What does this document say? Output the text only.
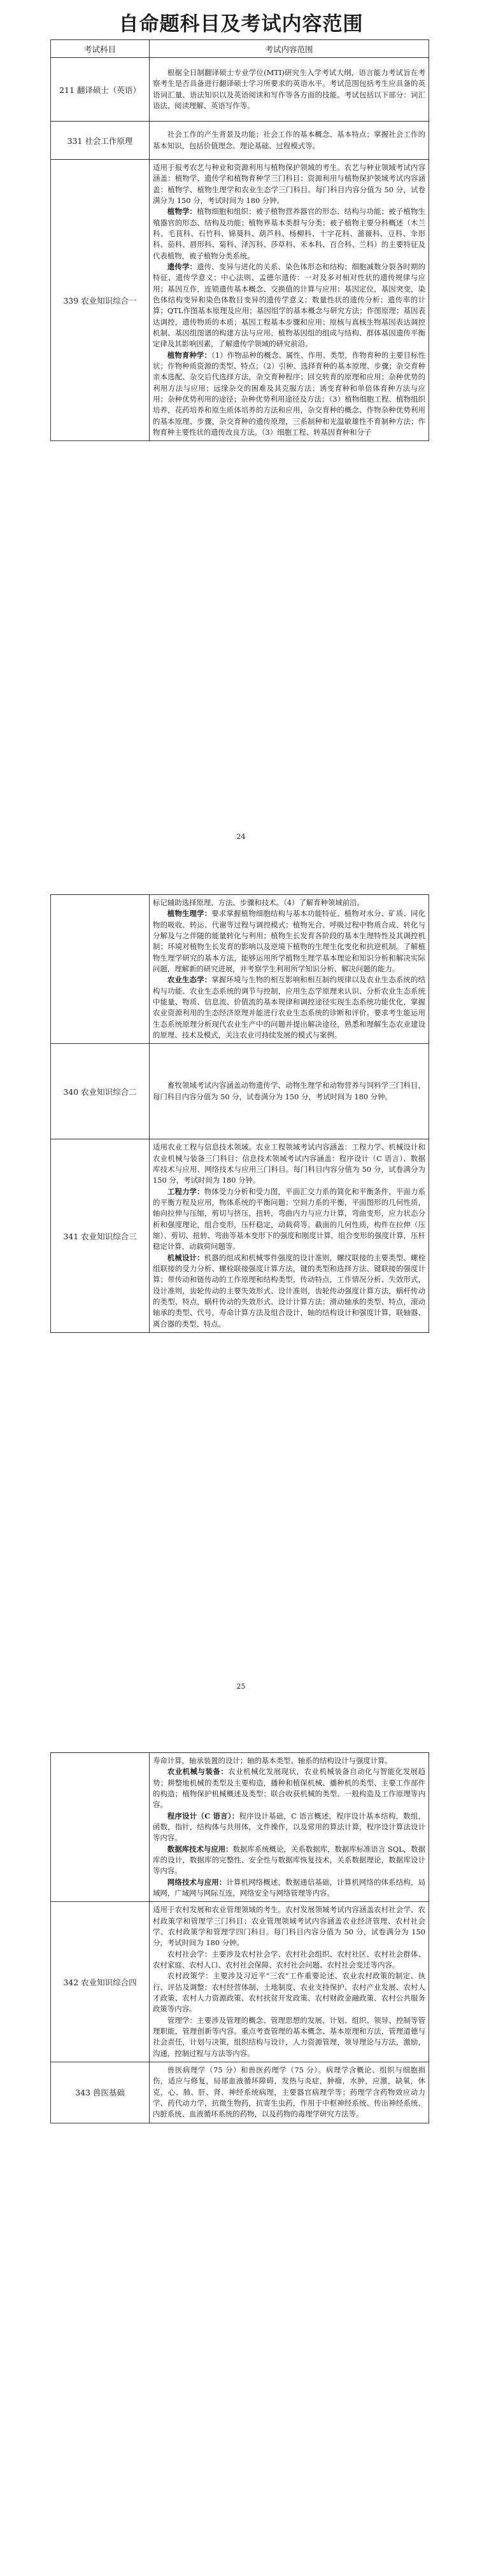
自命题科目及考试内容范围
考试科目	考试内容范围
211 翻译硕士（英语）	根据全日制翻译硕士专业学位(MTI)研究生入学考试大纲，语言能力考试旨在考察考生是否具备进行翻译硕士学习所要求的英语水平。考试范围包括考生应具备的英语词汇量、语法知识以及英语阅读和写作等各方面的技能。考试包括以下部分：词汇语法、阅读理解、英语写作等。

331 社会工作原理	社会工作的产生背景及功能；社会工作的基本概念、基本特点；掌握社会工作的基本知识，包括价值理念、理论基础、过程模式等。

339 农业知识综合一	适用于报考农艺与种业和资源利用与植物保护领域的考生。农艺与种业领域考试内容涵盖：植物学、遗传学和植物育种学三门科目；资源利用与植物保护领域考试内容涵盖：植物学、植物生理学和农业生态学三门科目。每门科目内容分值为 50 分，试卷满分为 150 分，考试时间为 180 分钟。

植物学：植物细胞和组织；被子植物营养器官的形态、结构与功能；被子植物生殖器官的形态、结构及功能；植物界基本类群与分类；被子植物主要分科概述（木兰科、毛茛科、石竹科、锦葵科、葫芦科、杨柳科、十字花科、蔷薇科、豆科、伞形科、茄科、唇形科、菊科、泽泻科、莎草科、禾本科、百合科、兰科）的主要特征及代表植物，被子植物分类系统。

遗传学：遗传、变异与进化的关系、染色体形态和结构；细胞减数分裂各时期的特征、遗传学意义；中心法则、孟德尔遗传：一对及多对相对性状的遗传规律与应用；基因互作，连锁遗传基本概念、交换值的计算与应用；基因定位，基因突变，染色体结构变异和染色体数目变异的遗传学意义；数量性状的遗传分析；遗传率的计算；QTL作图基本原理及应用；基因组学的基本概念与研究方法；作图原理；基因表达调控，遗传物质的本质；基因工程基本步骤和应用；原核与真核生物基因表达调控机制、基因组图谱的构建方法与应用、植物基因组的组成与结构、群体基因遗传平衡定律及其影响因素，了解遗传学领域的研究前沿。

植物育种学：（1）作物品种的概念、属性、作用、类型，作物育种的主要目标性状；作物种质资源的类型、特点；（2）引种、选择育种的基本原理、步骤；杂交育种亲本选配、杂交后代选择方法，杂交育种程序；回交转育的原理和应用；杂种优势的利用方法与应用；远缘杂交的困难及其克服方法；诱变育种和单倍体育种方法与应用；杂种优势利用的途径；杂种优势利用途径及方法；（3）植物细胞工程、植物组织培养，花药培养和原生质体培养的方法和应用，杂交育种的概念、作物杂种优势利用的基本原理、步骤，杂交育种的遗传原理，三系制种和光温敏雄性不育制种方法；作物育种主要性状的遗传改良方法。（3）细胞工程、转基因育种和分子

24

	标记辅助选择原理、方法、步骤和技术。（4）了解育种领域前沿。

植物生理学：要求掌握植物细胞结构与基本功能特征、植物对水分、矿质、同化物的吸收、转运、代谢等过程与调控模式；植物光合、呼吸过程中物质合成、转化与分解及与之伴随的能量转化与利用；植物生长发育各阶段的基本生理特性及其调控机制；环境对植物生长发育的影响以及逆境下植物的生理生化变化和抗逆机制。了解植物生理学研究的基本方法，能够运用所学植物生理学基本理论和知识分析和解决实际问题，理解新的研究进展，并考察学生利用所学知识分析、解决问题的能力。

农业生态学：掌握环境与生物的相互影响和相互制约规律以及农业生态系统的结构与功能、农业生态系统的调节与控制，应用生态学原理来认识、分析农业生态系统中能量、物质、信息流、价值流的基本规律和调控途径实现生态系统功能优化，掌握农业资源利用的生态经济原理并能进行农业生态系统的诊断和评价。要求考生能运用生态系统原理分析现代农业生产中的问题并提出解决途径，熟悉和理解生态农业建设的原理、技术及模式，关注农业可持续发展的模式与案例。

340 农业知识综合二	畜牧领域考试内容涵盖动物遗传学、动物生理学和动物营养与饲料学三门科目，每门科目内容分值为 50 分，试卷满分为 150 分，考试时间为 180 分钟。

341 农业知识综合三	适用农业工程与信息技术领域。农业工程领域考试内容涵盖：工程力学、机械设计和农业机械与装备三门科目；信息技术领域考试内容涵盖：程序设计（C 语言）、数据库技术与应用、网络技术与应用三门科目。每门科目内容分值为 50 分，试卷满分为 150 分，考试时间为 180 分钟。

工程力学：物体受力分析和受力图，平面汇交力系的简化和平衡条件，平面力系的平衡方程及应用，物体系统的平衡问题；空间力系的平衡，平面图形的几何性质，轴向拉伸与压缩，剪切与挤压，扭转，弯曲内力与应力计算，弯曲变形，应力状态分析和强度理论，组合变形，压杆稳定，动载荷等。截面的几何性质，构件在拉伸（压缩）、剪切、扭转、弯曲等基本变形下的强度和刚度计算，组合变形的强度计算，压杆稳定计算，动载荷问题等。

机械设计：机器的组成和机械零件强度的设计准则，螺纹联接的主要类型、螺栓组联接的受力分析、螺栓联接强度计算方法，键的类型和选择方法、键联接的强度计算；带传动和链传动的工作原理和结构类型，传动特点，工作情况分析、失效形式，设计准则，齿轮传动的主要失效形式、设计准则，齿轮传动强度计算方法，蜗杆传动的类型、特点，蜗杆传动的失效形式、设计计算方法；滑动轴承的类型、特点，滚动轴承的类型、代号，寿命计算方法及组合设计，轴的结构设计和强度计算，联轴器、离合器的类型、特点。

25

	寿命计算，轴承装置的设计；轴的基本类型、轴系的结构设计与强度计算。

农业机械与装备：农业机械化发展现状，农业机械装备自动化与智能化发展趋势；耕整地机械的类型及主要构造，播种和植保机械、播种机的类型、主要工作部件的构造；植物保护机械概述及类型；联合收获机械的类型、一般构造及工作原理等内容。

程序设计（C 语言）：程序设计基础，C 语言概述，程序设计基本结构，数组，函数，指针，结构体与共用体，文件操作，以及常用的算法计算，程序设计算法设计等内容。

数据库技术与应用：数据库系统概论，关系数据库，数据库标准语言 SQL，数据库的设计，数据库的完整性、安全性与数据库恢复技术，关系数据理论，数据库设计等内容。

网络技术与应用：计算机网络概述，数据通信基础，计算机网络的体系结构，局域网，广域网与网际互连，网络安全与网络管理等内容。

342 农业知识综合四	适用于农村发展和农业管理领域的考生。农村发展领域考试内容涵盖农村社会学、农村政策学和管理学三门科目；农业管理领域考试内容涵盖农业经济管理、农村社会学、农村政策学和管理学四门科目。每门科目内容分值为 50 分，试卷满分为 150 分，考试时间为 180 分钟。

农村社会学：主要涉及农村社会学、农村社会组织、农村社区、农村社会群体、农村家庭、农村人口、农村社会保障、农村社会问题、农村社会变迁等内容。

农村政策学：主要涉及习近平“三农”工作重要论述、农业农村政策的制定、执行、评估及调整；农村经营体制、土地制度、农业支持保护、农村产业发展、农村人才政策、农村人力资源政策、农村扶贫开发政策、农村财政金融政策、农村公共服务政策等内容。

管理学：主要涉及管理的概念、管理思想的发展、计划、组织、领导、控制等管理职能，管理创新等内容。重点考查管理的基本概念、基本原理和方法，管理道德与社会责任，计划与决策，组织结构与设计，人力资源管理，领导理论与方法，激励，沟通，控制过程与方法等内容。

343 兽医基础	兽医病理学（75 分）和兽医药理学（75 分）。病理学含概论、组织与细胞损伤，适应与修复，局部血液循环障碍，发热与炎症，肿瘤，水肿，应激，缺氧，休克，心、肺、肝、肾、神经系统病理，主要器官病理学等；药理学含药物效应动力学、药代动力学，抗微生物药，抗寄生虫药，作用于中枢神经系统、传出神经系统、内脏系统、血液循环系统的药物，以及药物的毒理学研究方法等。
